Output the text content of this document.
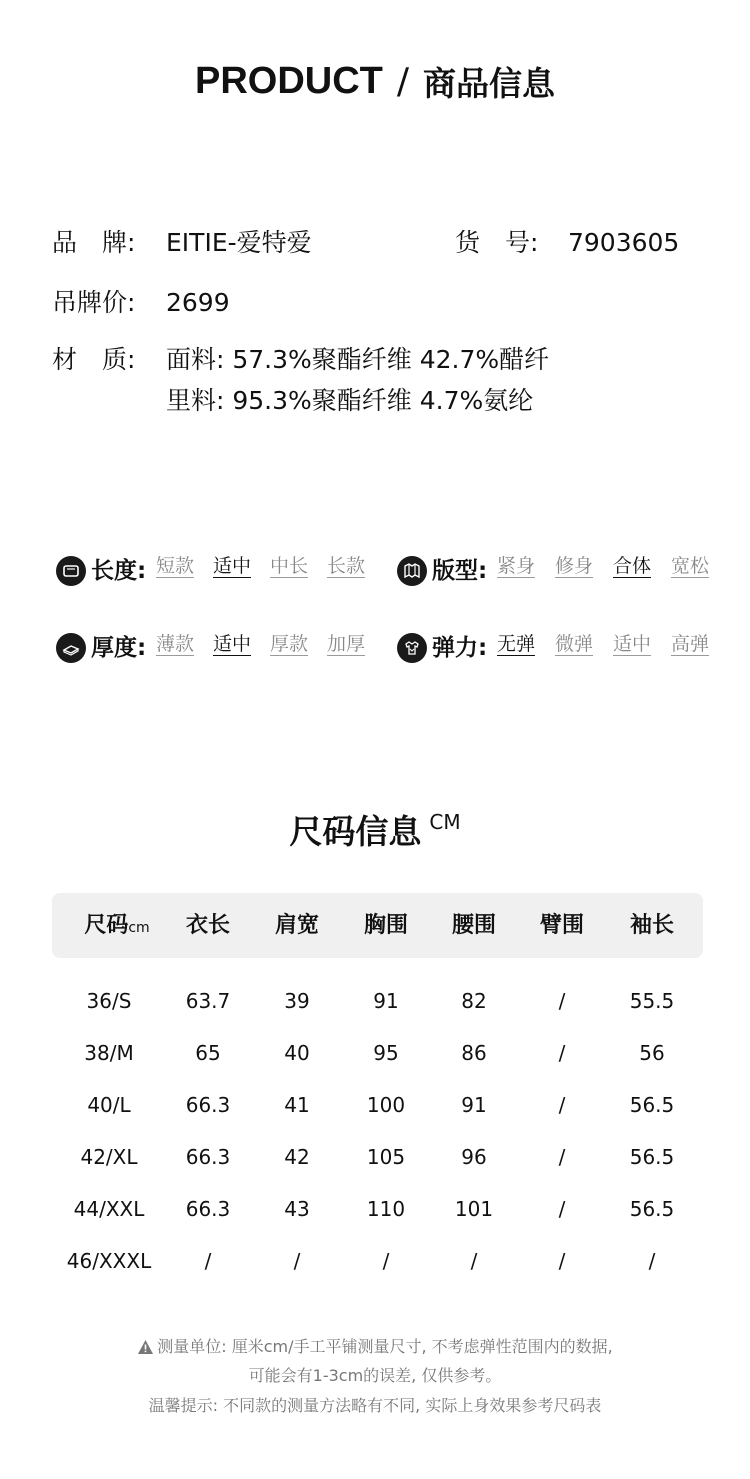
PRODUCT / 商品信息
品　牌: EITIE-爱特爱	货　号: 7903605
吊牌价: 2699
材　质: 面料: 57.3%聚酯纤维 42.7%醋纤
里料: 95.3%聚酯纤维 4.7%氨纶
长度: 短款 适中 中长 长款	版型: 紧身 修身 合体 宽松
厚度: 薄款 适中 厚款 加厚	弹力: 无弹 微弹 适中 高弹
尺码信息 CM
尺码cm	衣长	肩宽	胸围	腰围	臂围	袖长
36/S	63.7	39	91	82	/	55.5
38/M	65	40	95	86	/	56
40/L	66.3	41	100	91	/	56.5
42/XL	66.3	42	105	96	/	56.5
44/XXL	66.3	43	110	101	/	56.5
46/XXXL	/	/	/	/	/	/
测量单位: 厘米cm/手工平铺测量尺寸, 不考虑弹性范围内的数据,
可能会有1-3cm的误差, 仅供参考。
温馨提示: 不同款的测量方法略有不同, 实际上身效果参考尺码表
